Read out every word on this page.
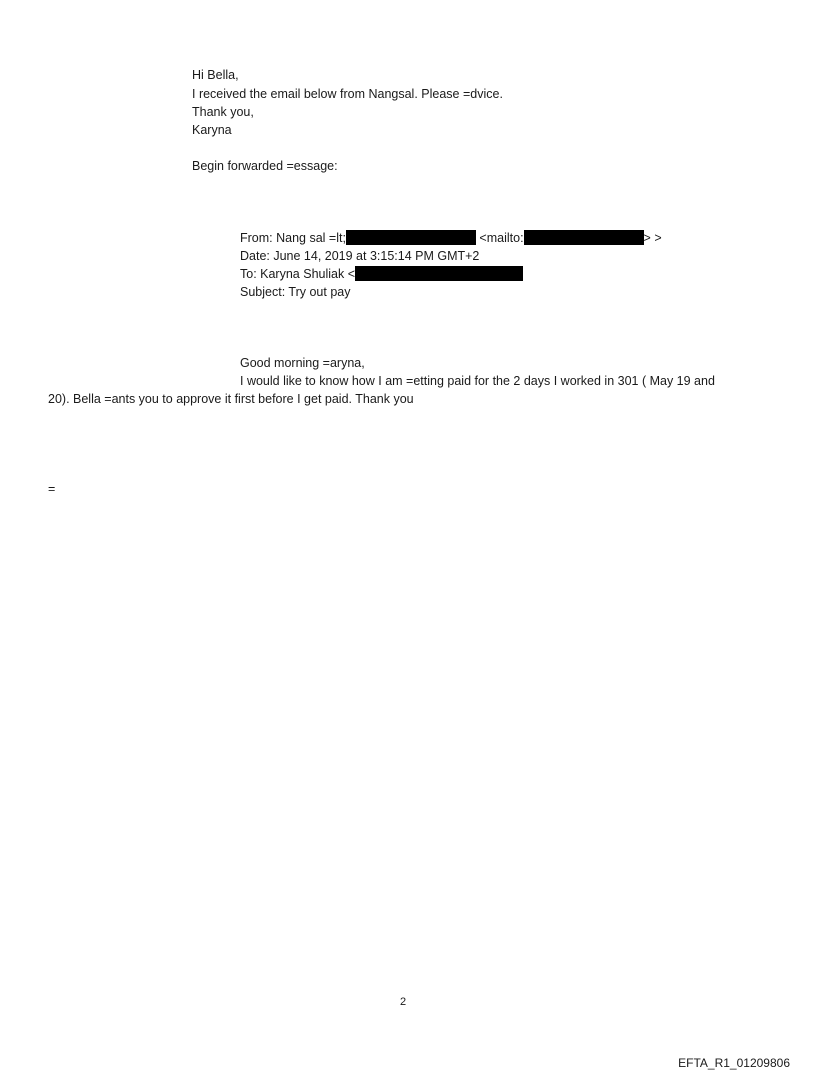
Hi Bella,
I received the email below from Nangsal. Please =dvice.
Thank you,
Karyna
Begin forwarded =essage:
From: Nang sal =lt;	<mailto:	> >
Date: June 14, 2019 at 3:15:14 PM GMT+2
To: Karyna Shuliak <
Subject: Try out pay
Good morning =aryna,
I would like to know how I am =etting paid for the 2 days I worked in 301 ( May 19 and
20). Bella =ants you to approve it first before I get paid. Thank you
=
2
EFTA_R1_01209806
